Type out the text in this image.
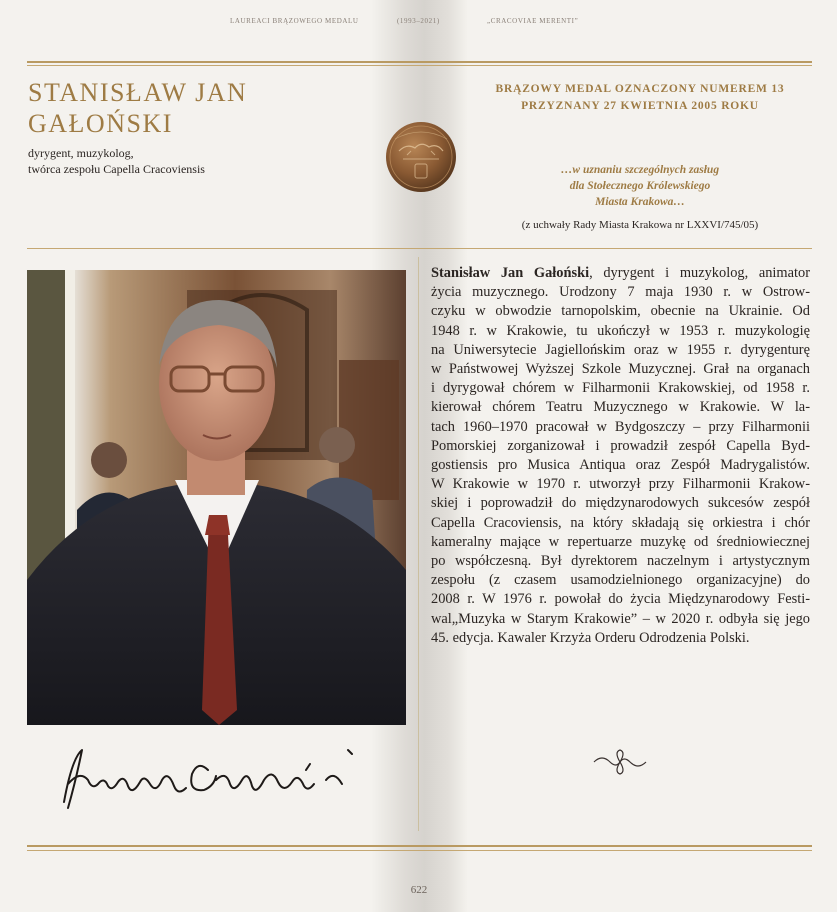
LAUREACI BRĄZOWEGO MEDALU	(1993–2021)	„CRACOVIAE MERENTI”
STANISŁAW JAN
GAŁOŃSKI
dyrygent, muzykolog,
twórca zespołu Capella Cracoviensis
BRĄZOWY MEDAL OZNACZONY NUMEREM 13
PRZYZNANY 27 KWIETNIA 2005 ROKU
…w uznaniu szczególnych zasług
dla Stołecznego Królewskiego
Miasta Krakowa…
(z uchwały Rady Miasta Krakowa nr LXXVI/745/05)
Stanisław Jan Gałoński, dyrygent i muzykolog, animator
życia muzycznego. Urodzony 7 maja 1930 r. w Ostrow-
czyku w obwodzie tarnopolskim, obecnie na Ukrainie. Od
1948 r. w Krakowie, tu ukończył w 1953 r. muzykologię
na Uniwersytecie Jagiellońskim oraz w 1955 r. dyrygenturę
w Państwowej Wyższej Szkole Muzycznej. Grał na organach
i dyrygował chórem w Filharmonii Krakowskiej, od 1958 r.
kierował chórem Teatru Muzycznego w Krakowie. W la-
tach 1960–1970 pracował w Bydgoszczy – przy Filharmonii
Pomorskiej zorganizował i prowadził zespół Capella Byd-
gostiensis pro Musica Antiqua oraz Zespół Madrygalistów.
W Krakowie w 1970 r. utworzył przy Filharmonii Krakow-
skiej i poprowadził do międzynarodowych sukcesów zespół
Capella Cracoviensis, na który składają się orkiestra i chór
kameralny mające w repertuarze muzykę od średniowiecznej
po współczesną. Był dyrektorem naczelnym i artystycznym
zespołu (z czasem usamodzielnionego organizacyjne) do
2008 r. W 1976 r. powołał do życia Międzynarodowy Festi-
wal„Muzyka w Starym Krakowie” – w 2020 r. odbyła się jego
45. edycja. Kawaler Krzyża Orderu Odrodzenia Polski.
622
